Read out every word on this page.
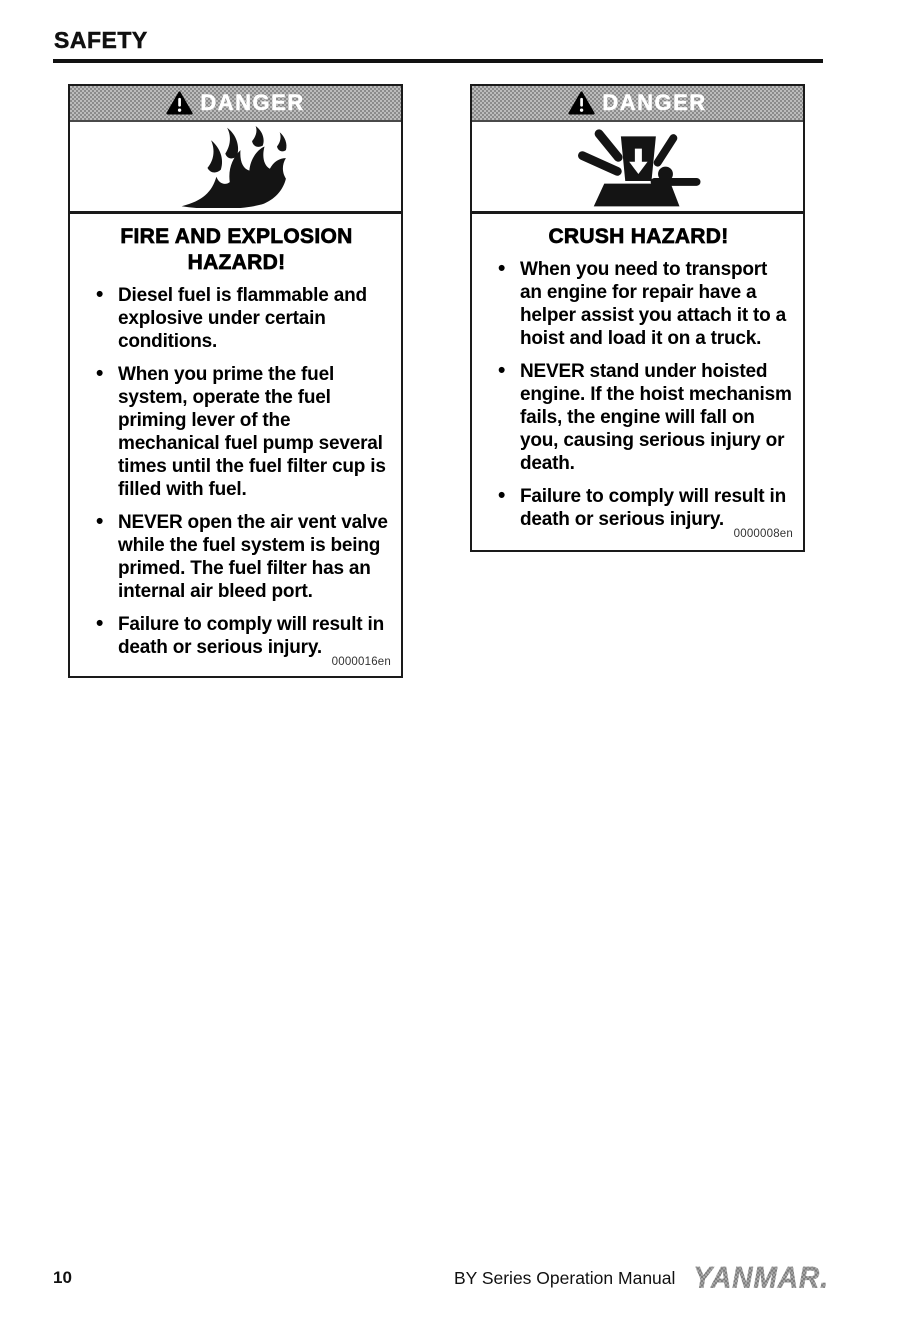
SAFETY
DANGER
FIRE AND EXPLOSION HAZARD!
• Diesel fuel is flammable and explosive under certain conditions.
• When you prime the fuel system, operate the fuel priming lever of the mechanical fuel pump several times until the fuel filter cup is filled with fuel.
• NEVER open the air vent valve while the fuel system is being primed. The fuel filter has an internal air bleed port.
• Failure to comply will result in death or serious injury.
0000016en
DANGER
CRUSH HAZARD!
• When you need to transport an engine for repair have a helper assist you attach it to a hoist and load it on a truck.
• NEVER stand under hoisted engine. If the hoist mechanism fails, the engine will fall on you, causing serious injury or death.
• Failure to comply will result in death or serious injury.
0000008en
10	BY Series Operation Manual YANMAR.
